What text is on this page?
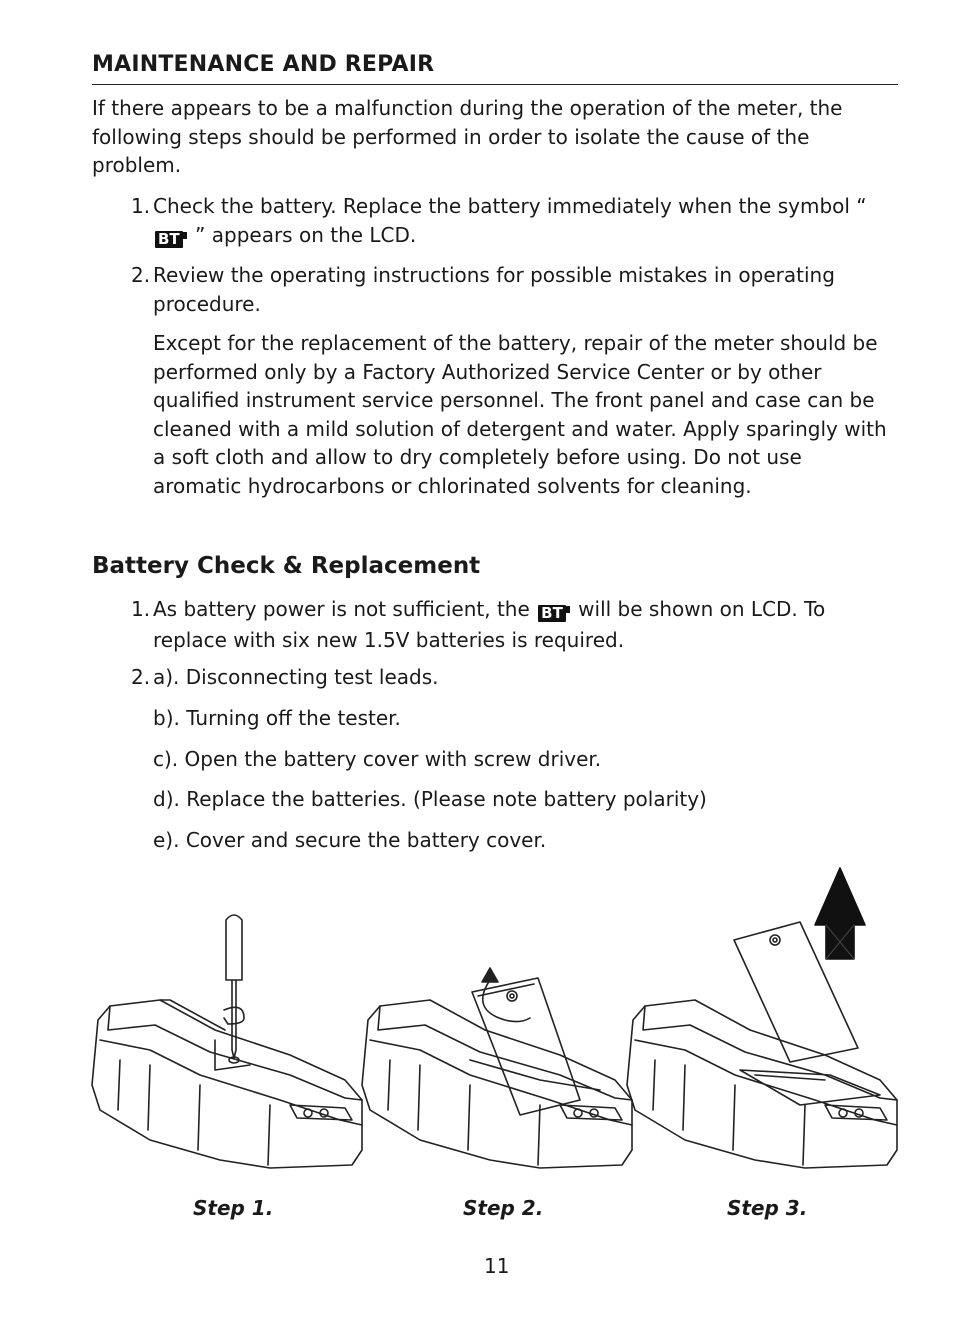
MAINTENANCE AND REPAIR
If there appears to be a malfunction during the operation of the meter, the following steps should be performed in order to isolate the cause of the problem.
1. Check the battery. Replace the battery immediately when the symbol “
BT ” appears on the LCD.
2. Review the operating instructions for possible mistakes in operating procedure.
Except for the replacement of the battery, repair of the meter should be performed only by a Factory Authorized Service Center or by other qualified instrument service personnel. The front panel and case can be cleaned with a mild solution of detergent and water. Apply sparingly with a soft cloth and allow to dry completely before using. Do not use aromatic hydrocarbons or chlorinated solvents for cleaning.
Battery Check & Replacement
1. As battery power is not sufficient, the BT will be shown on LCD. To replace with six new 1.5V batteries is required.
2. a). Disconnecting test leads.
b). Turning off the tester.
c). Open the battery cover with screw driver.
d). Replace the batteries. (Please note battery polarity)
e). Cover and secure the battery cover.
Step 1.	Step 2.	Step 3.
11
